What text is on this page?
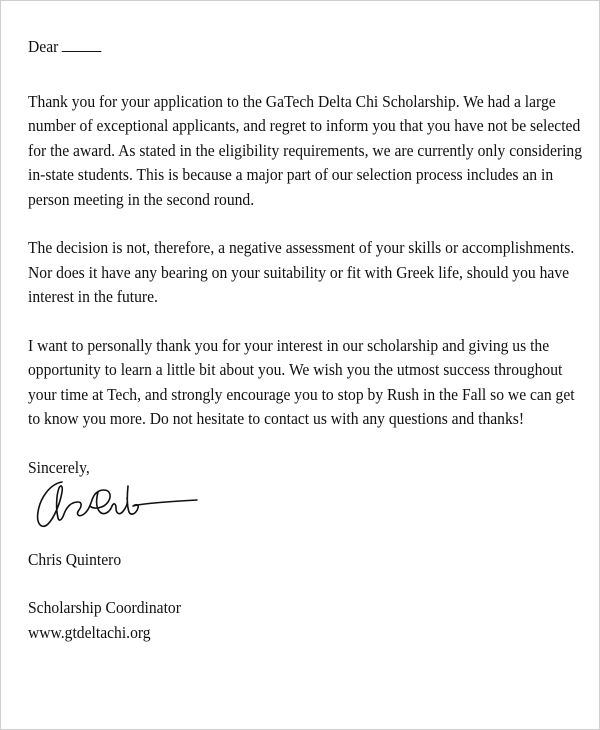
Dear

Thank you for your application to the GaTech Delta Chi Scholarship. We had a large
number of exceptional applicants, and regret to inform you that you have not be selected
for the award. As stated in the eligibility requirements, we are currently only considering
in-state students. This is because a major part of our selection process includes an in
person meeting in the second round.

The decision is not, therefore, a negative assessment of your skills or accomplishments.
Nor does it have any bearing on your suitability or fit with Greek life, should you have
interest in the future.

I want to personally thank you for your interest in our scholarship and giving us the
opportunity to learn a little bit about you. We wish you the utmost success throughout
your time at Tech, and strongly encourage you to stop by Rush in the Fall so we can get
to know you more. Do not hesitate to contact us with any questions and thanks!

Sincerely,

Chris Quintero
Scholarship Coordinator
www.gtdeltachi.org
